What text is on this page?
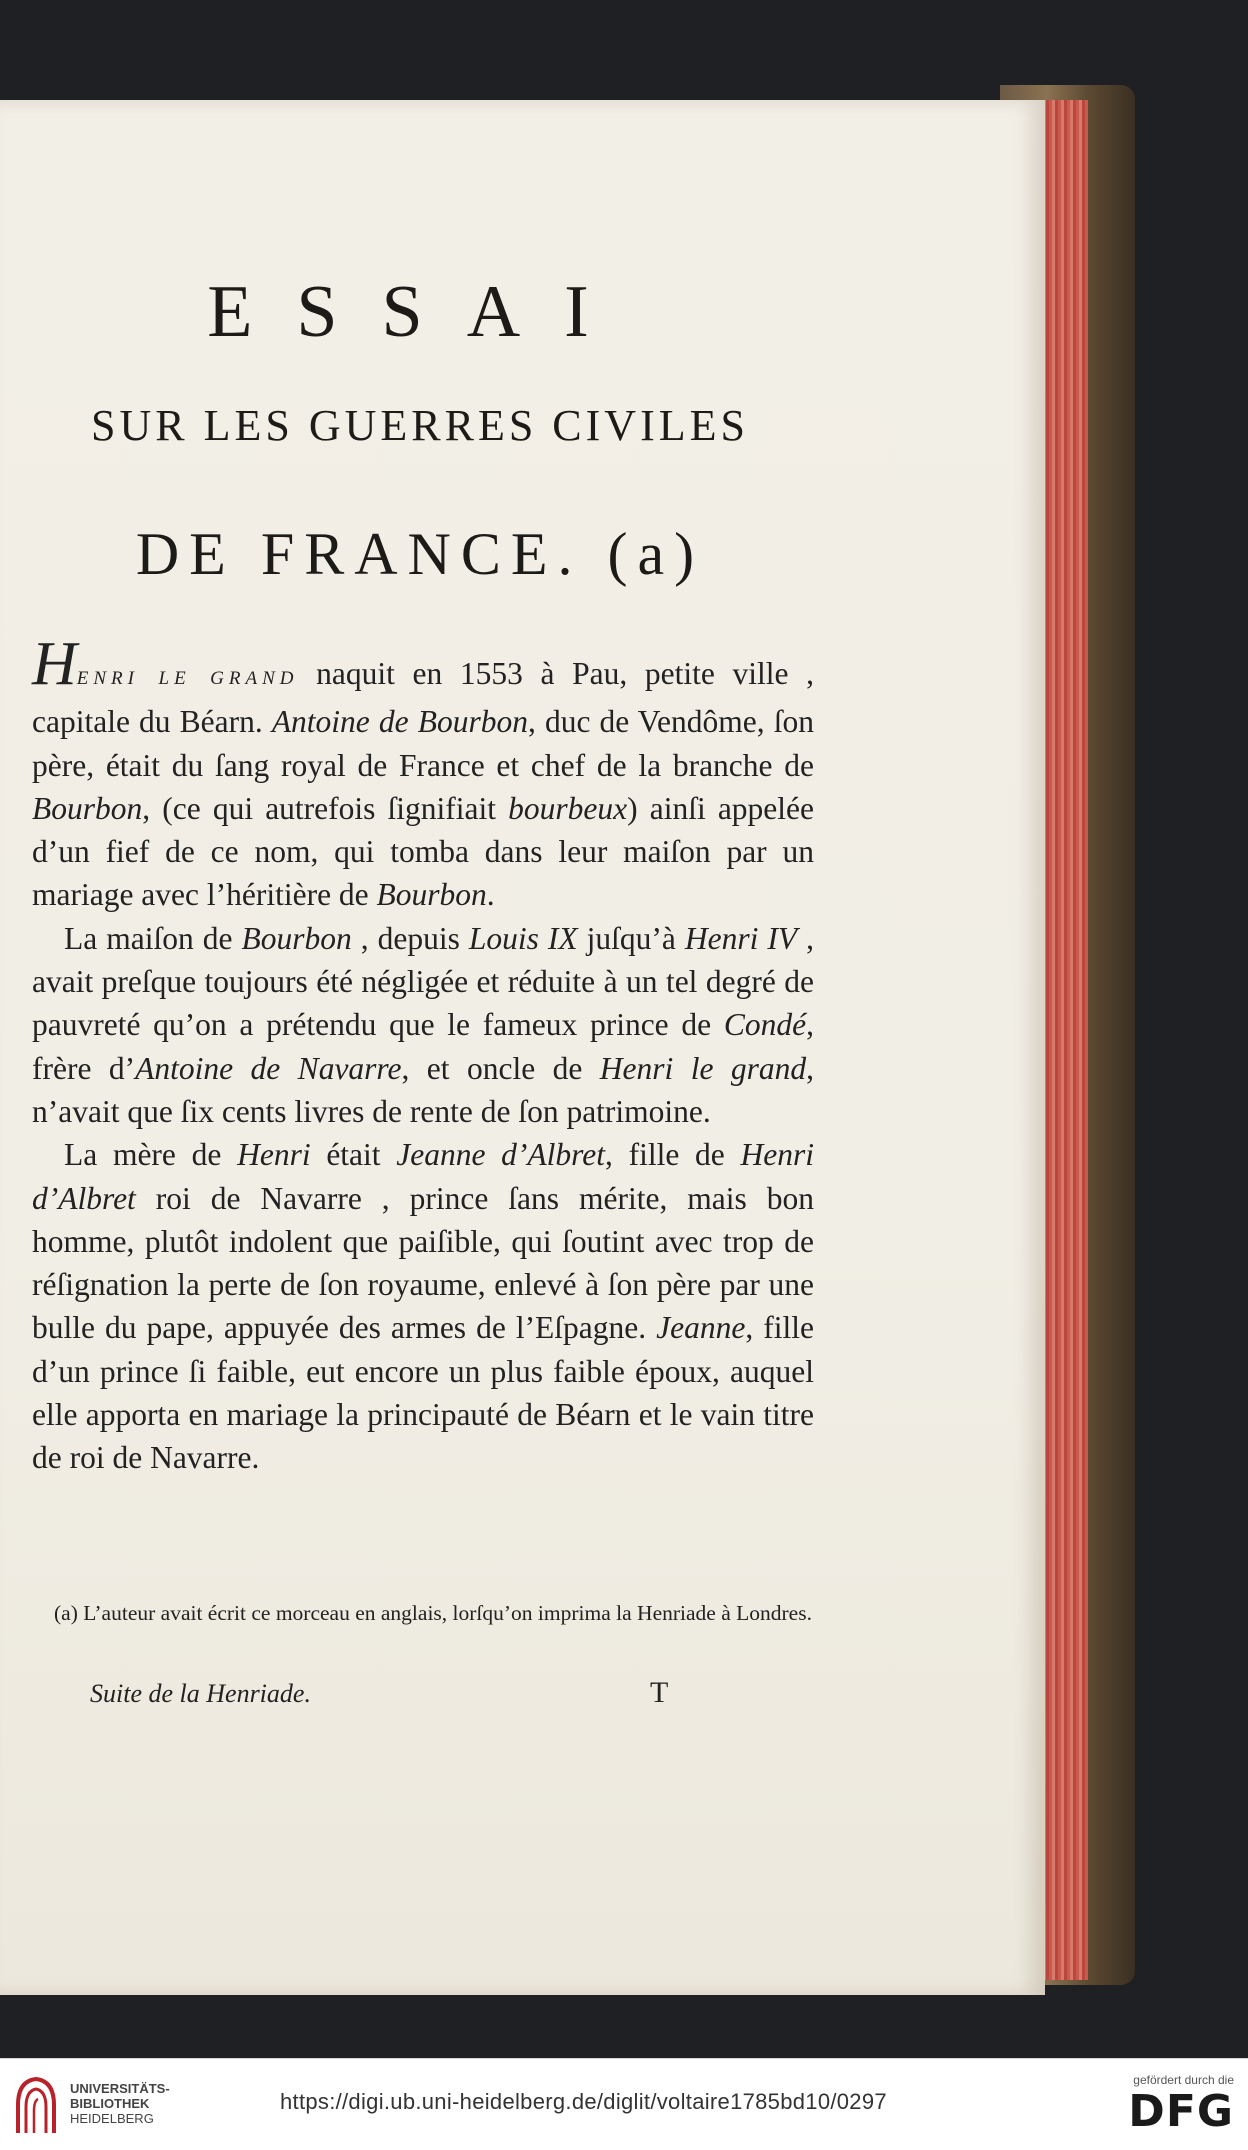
ESSAI
SUR LES GUERRES CIVILES
DE FRANCE. (a)

HENRI LE GRAND naquit en 1553 à Pau, petite ville , capitale du Béarn. Antoine de Bourbon, duc de Vendôme, ſon père, était du ſang royal de France et chef de la branche de Bourbon, (ce qui autrefois ſignifiait bourbeux) ainſi appelée d’un fief de ce nom, qui tomba dans leur maiſon par un mariage avec l’héritière de Bourbon.

La maiſon de Bourbon , depuis Louis IX juſqu’à Henri IV , avait preſque toujours été négligée et réduite à un tel degré de pauvreté qu’on a prétendu que le fameux prince de Condé, frère d’Antoine de Navarre, et oncle de Henri le grand, n’avait que ſix cents livres de rente de ſon patrimoine.

La mère de Henri était Jeanne d’Albret, fille de Henri d’Albret roi de Navarre , prince ſans mérite, mais bon homme, plutôt indolent que paiſible, qui ſoutint avec trop de réſignation la perte de ſon royaume, enlevé à ſon père par une bulle du pape, appuyée des armes de l’Eſpagne. Jeanne, fille d’un prince ſi faible, eut encore un plus faible époux, auquel elle apporta en mariage la principauté de Béarn et le vain titre de roi de Navarre.

(a) L’auteur avait écrit ce morceau en anglais, lorſqu’on imprima la Henriade à Londres.
Suite de la Henriade.	T
UNIVERSITÄTS-
BIBLIOTHEK
HEIDELBERG
https://digi.ub.uni-heidelberg.de/diglit/voltaire1785bd10/0297
gefördert durch die
DFG
